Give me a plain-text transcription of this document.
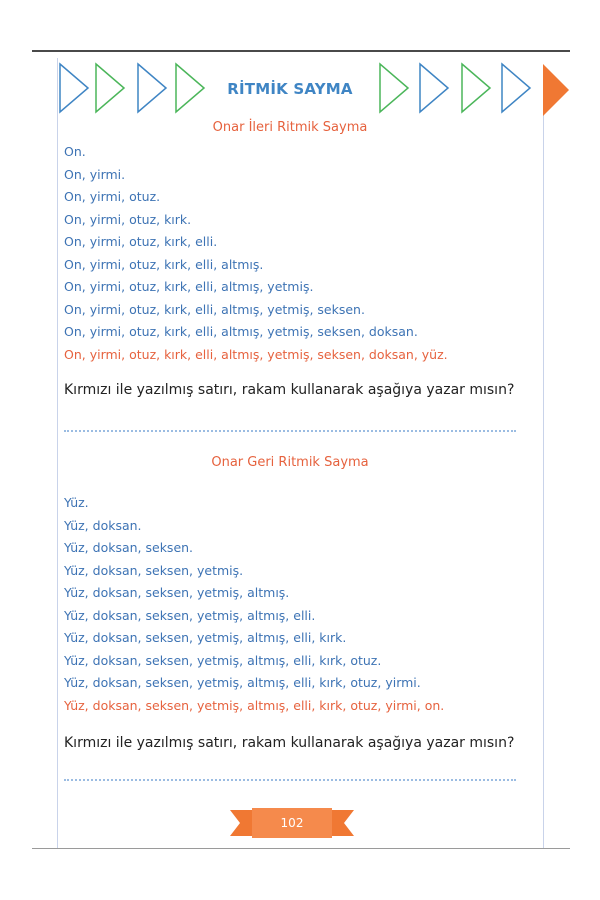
RİTMİK SAYMA
Onar İleri Ritmik Sayma
On.
On, yirmi.
On, yirmi, otuz.
On, yirmi, otuz, kırk.
On, yirmi, otuz, kırk, elli.
On, yirmi, otuz, kırk, elli, altmış.
On, yirmi, otuz, kırk, elli, altmış, yetmiş.
On, yirmi, otuz, kırk, elli, altmış, yetmiş, seksen.
On, yirmi, otuz, kırk, elli, altmış, yetmiş, seksen, doksan.
On, yirmi, otuz, kırk, elli, altmış, yetmiş, seksen, doksan, yüz.
Kırmızı ile yazılmış satırı, rakam kullanarak aşağıya yazar mısın?
Onar Geri Ritmik Sayma
Yüz.
Yüz, doksan.
Yüz, doksan, seksen.
Yüz, doksan, seksen, yetmiş.
Yüz, doksan, seksen, yetmiş, altmış.
Yüz, doksan, seksen, yetmiş, altmış, elli.
Yüz, doksan, seksen, yetmiş, altmış, elli, kırk.
Yüz, doksan, seksen, yetmiş, altmış, elli, kırk, otuz.
Yüz, doksan, seksen, yetmiş, altmış, elli, kırk, otuz, yirmi.
Yüz, doksan, seksen, yetmiş, altmış, elli, kırk, otuz, yirmi, on.
Kırmızı ile yazılmış satırı, rakam kullanarak aşağıya yazar mısın?
102
